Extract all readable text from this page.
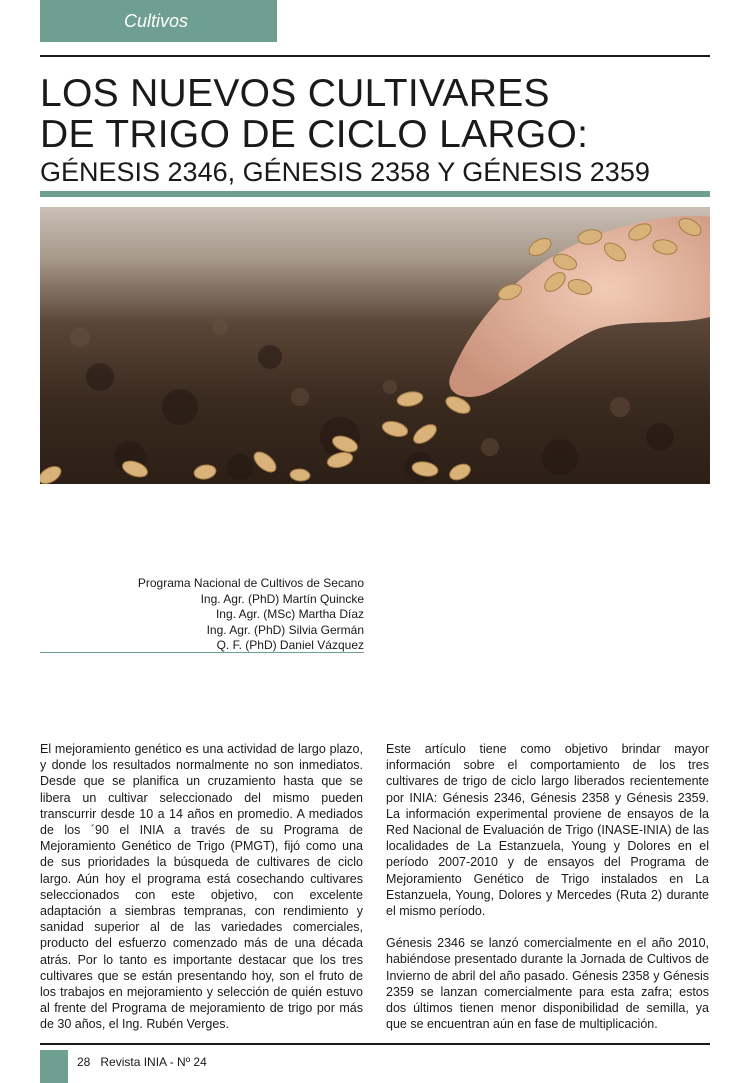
Cultivos
LOS NUEVOS CULTIVARES
DE TRIGO DE CICLO LARGO:
GÉNESIS 2346, GÉNESIS 2358 Y GÉNESIS 2359
Programa Nacional de Cultivos de Secano
Ing. Agr. (PhD) Martín Quincke
Ing. Agr. (MSc) Martha Díaz
Ing. Agr. (PhD) Silvia Germán
Q. F. (PhD) Daniel Vázquez

El mejoramiento genético es una actividad de largo plazo, y donde los resultados normalmente no son inmediatos. Desde que se planifica un cruzamiento hasta que se libera un cultivar seleccionado del mismo pueden transcurrir desde 10 a 14 años en promedio. A mediados de los ´90 el INIA a través de su Programa de Mejoramiento Genético de Trigo (PMGT), fijó como una de sus prioridades la búsqueda de cultivares de ciclo largo. Aún hoy el programa está cosechando cultivares seleccionados con este objetivo, con excelente adaptación a siembras tempranas, con rendimiento y sanidad superior al de las variedades comerciales, producto del esfuerzo comenzado más de una década atrás. Por lo tanto es importante destacar que los tres cultivares que se están presentando hoy, son el fruto de los trabajos en mejoramiento y selección de quién estuvo al frente del Programa de mejoramiento de trigo por más de 30 años, el Ing. Rubén Verges.

Este artículo tiene como objetivo brindar mayor información sobre el comportamiento de los tres cultivares de trigo de ciclo largo liberados recientemente por INIA: Génesis 2346, Génesis 2358 y Génesis 2359. La información experimental proviene de ensayos de la Red Nacional de Evaluación de Trigo (INASE-INIA) de las localidades de La Estanzuela, Young y Dolores en el período 2007-2010 y de ensayos del Programa de Mejoramiento Genético de Trigo instalados en La Estanzuela, Young, Dolores y Mercedes (Ruta 2) durante el mismo período.

Génesis 2346 se lanzó comercialmente en el año 2010, habiéndose presentado durante la Jornada de Cultivos de Invierno de abril del año pasado. Génesis 2358 y Génesis 2359 se lanzan comercialmente para esta zafra; estos dos últimos tienen menor disponibilidad de semilla, ya que se encuentran aún en fase de multiplicación.

28 Revista INIA - Nº 24
